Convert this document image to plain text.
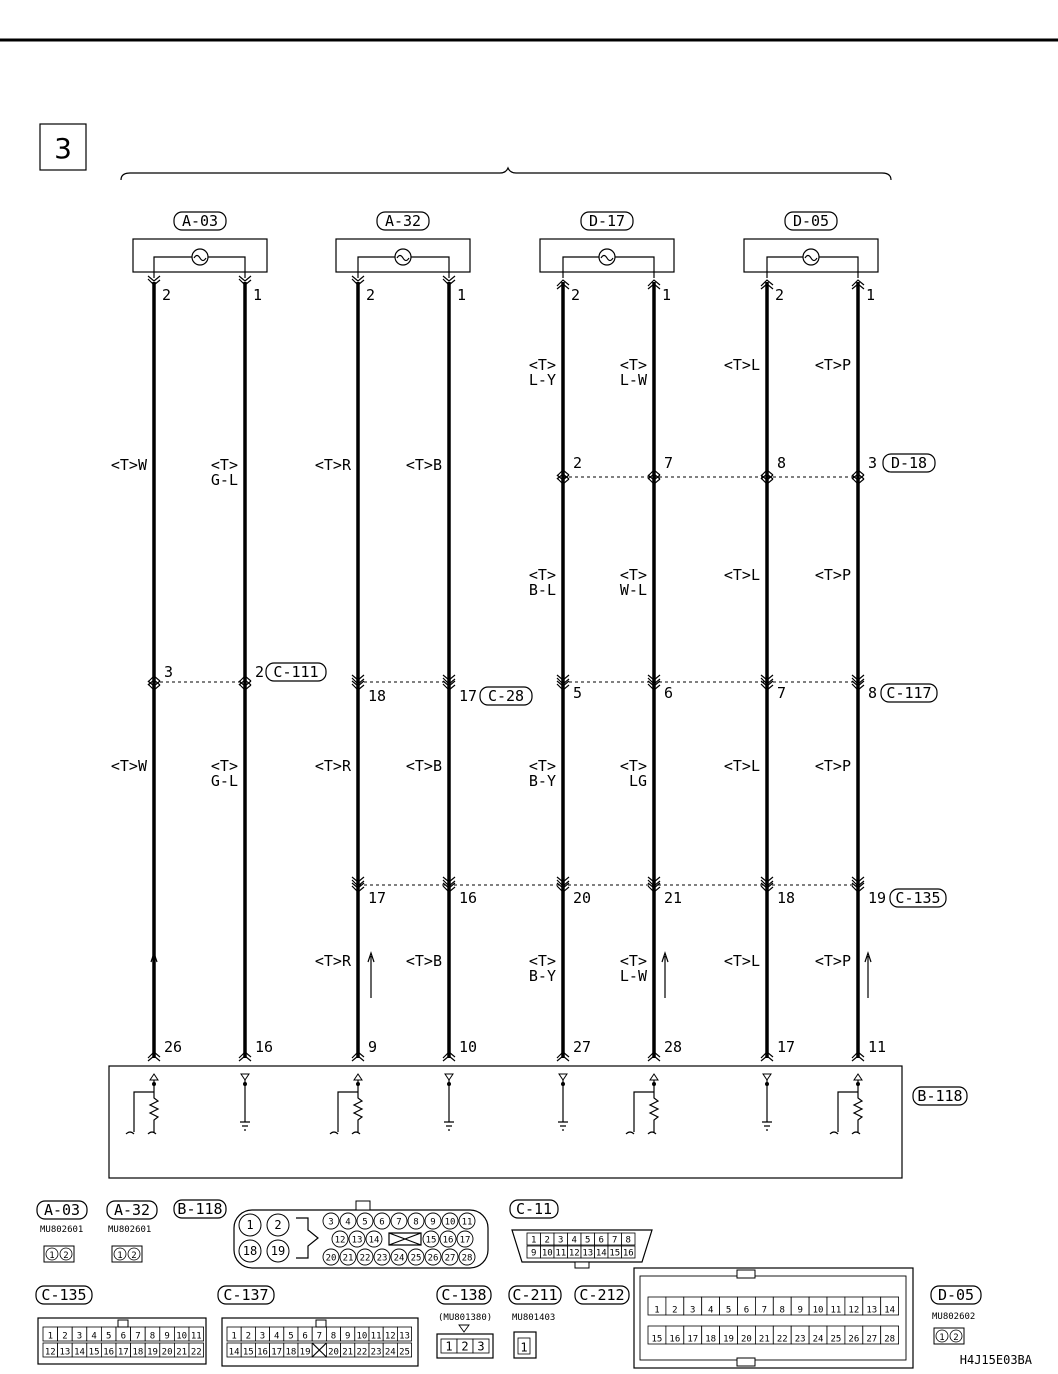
3
A-03
2	1
A-32
2	1
D-17
2	1
D-05
2	1
2	7	8	3 D-18
3	2 C-111
18	17 C-28	5	6	7	8 C-117
17	16	20	21	18	19 C-135
26	16	9	10	27	28	17	11
<T>W
<T>W
<T>
G-L
<T>
G-L
<T>R
<T>R
<T>R
<T>B
<T>B
<T>B
<T>
L-Y
<T>
B-L
<T>
B-Y
<T>
B-Y
<T>
L-W
<T>
W-L
<T>
LG
<T>
L-W
<T>L
<T>L
<T>L
<T>L
<T>P
<T>P
<T>P
<T>P
B-118
A-03
MU802601
A-32
MU802601
1 2	1 2
B-118
1 2
18 19
3 4 5 6 7 8 9 10 11
12 13 14	15 16 17
20 21 22 23 24 25 26 27 28
C-11
1 2 3 4 5 6 7 8
9 10 11 12 13 14 15 16
C-135
1 2 3 4 5 6 7 8 9 10 11
12 13 14 15 16 17 18 19 20 21 22
C-137
1 2 3 4 5 6 7 8 9 10 11 12 13
14 15 16 17 18 19 20 21 22 23 24 25
C-138
(MU801380)
1 2 3
C-211
MU801403
1
C-212
1 2 3 4 5 6 7 8 9 10 11 12 13 14
15 16 17 18 19 20 21 22 23 24 25 26 27 28
D-05
MU802602
1 2
H4J15E03BA
